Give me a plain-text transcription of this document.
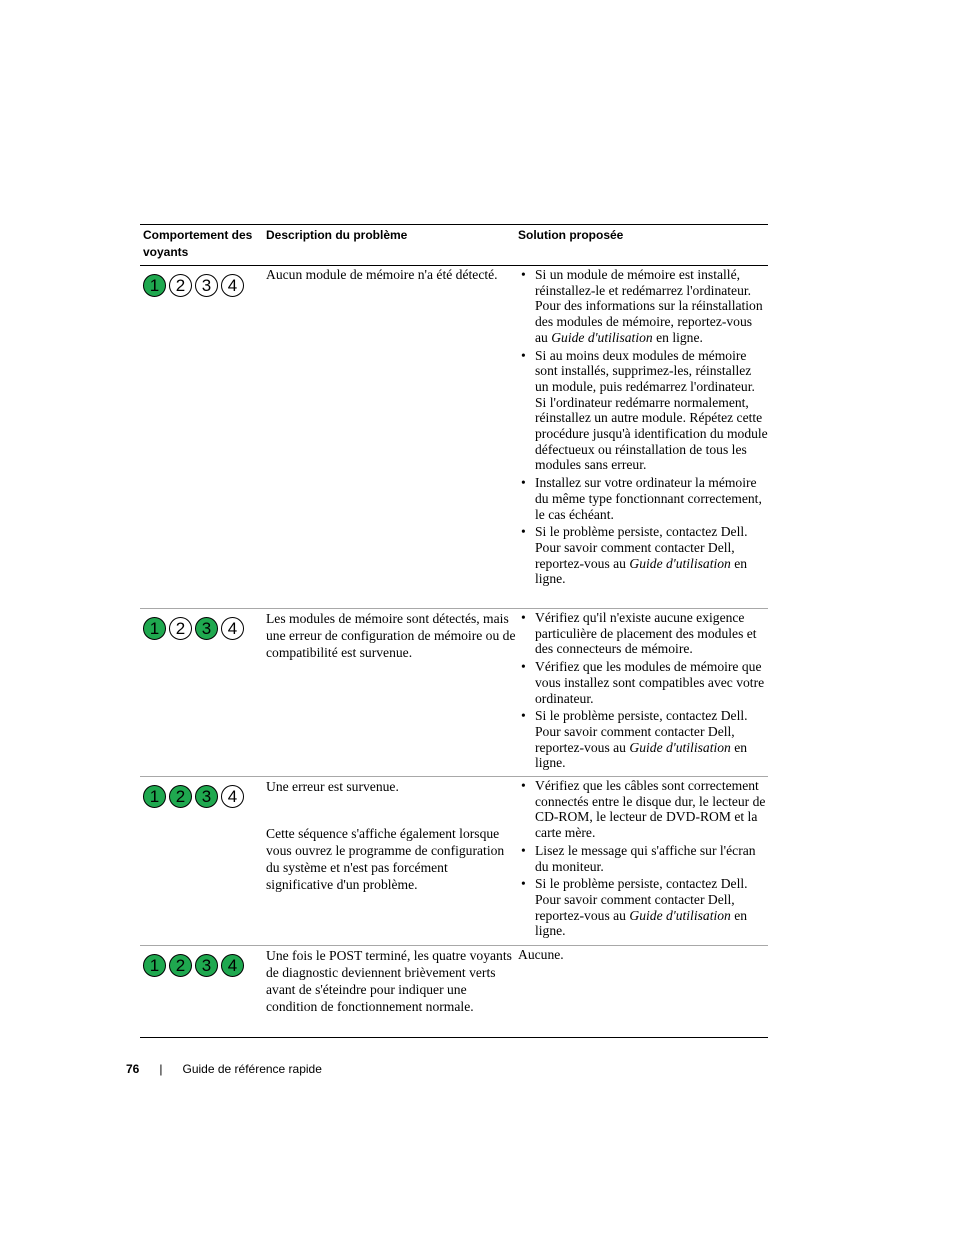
Comportement des voyants
Description du problème	Solution proposée
1 2 3 4

Aucun module de mémoire n'a été détecté.	• Si un module de mémoire est installé, réinstallez-le et redémarrez l'ordinateur. Pour des informations sur la réinstallation des modules de mémoire, reportez-vous au Guide d'utilisation en ligne.
• Si au moins deux modules de mémoire sont installés, supprimez-les, réinstallez un module, puis redémarrez l'ordinateur. Si l'ordinateur redémarre normalement, réinstallez un autre module. Répétez cette procédure jusqu'à identification du module défectueux ou réinstallation de tous les modules sans erreur.
• Installez sur votre ordinateur la mémoire du même type fonctionnant correctement, le cas échéant.
• Si le problème persiste, contactez Dell. Pour savoir comment contacter Dell, reportez-vous au Guide d'utilisation en ligne.
1 2 3 4

Les modules de mémoire sont détectés, mais une erreur de configuration de mémoire ou de compatibilité est survenue.

• Vérifiez qu'il n'existe aucune exigence particulière de placement des modules et des connecteurs de mémoire.
• Vérifiez que les modules de mémoire que vous installez sont compatibles avec votre ordinateur.
• Si le problème persiste, contactez Dell. Pour savoir comment contacter Dell, reportez-vous au Guide d'utilisation en ligne.
1 2 3 4

Une erreur est survenue.

Cette séquence s'affiche également lorsque vous ouvrez le programme de configuration du système et n'est pas forcément significative d'un problème.

• Vérifiez que les câbles sont correctement connectés entre le disque dur, le lecteur de CD-ROM, le lecteur de DVD-ROM et la carte mère.
• Lisez le message qui s'affiche sur l'écran du moniteur.
• Si le problème persiste, contactez Dell. Pour savoir comment contacter Dell, reportez-vous au Guide d'utilisation en ligne.
1 2 3 4

Une fois le POST terminé, les quatre voyants de diagnostic deviennent brièvement verts avant de s'éteindre pour indiquer une condition de fonctionnement normale.

Aucune.
76 | Guide de référence rapide
